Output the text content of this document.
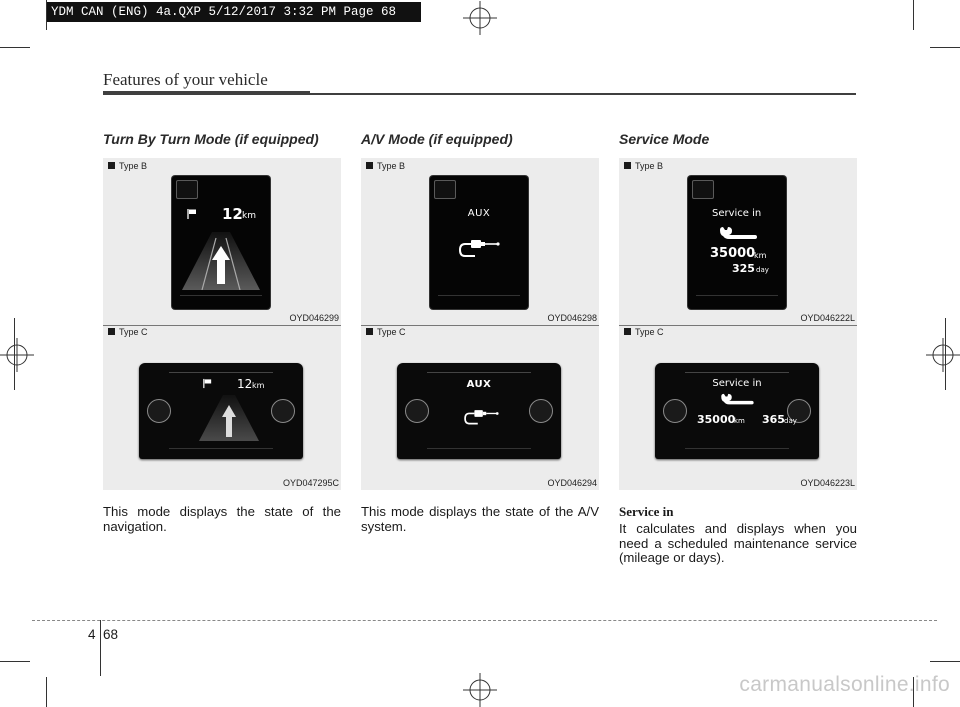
YDM CAN (ENG) 4a.QXP 5/12/2017 3:32 PM Page 68
Features of your vehicle
Turn By Turn Mode (if equipped)
Type B
12 km
OYD046299
Type C
12 km
OYD047295C
This mode displays the state of the navigation.
A/V Mode (if equipped)
Type B
AUX
OYD046298
Type C
AUX
OYD046294
This mode displays the state of the A/V system.
Service Mode
Type B
Service in
35000
km
325 day
OYD046222L
Type C
Service in
35000
km 365 day
OYD046223L
Service in
It calculates and displays when you need a scheduled maintenance service (mileage or days).
4 68
carmanualsonline.info
